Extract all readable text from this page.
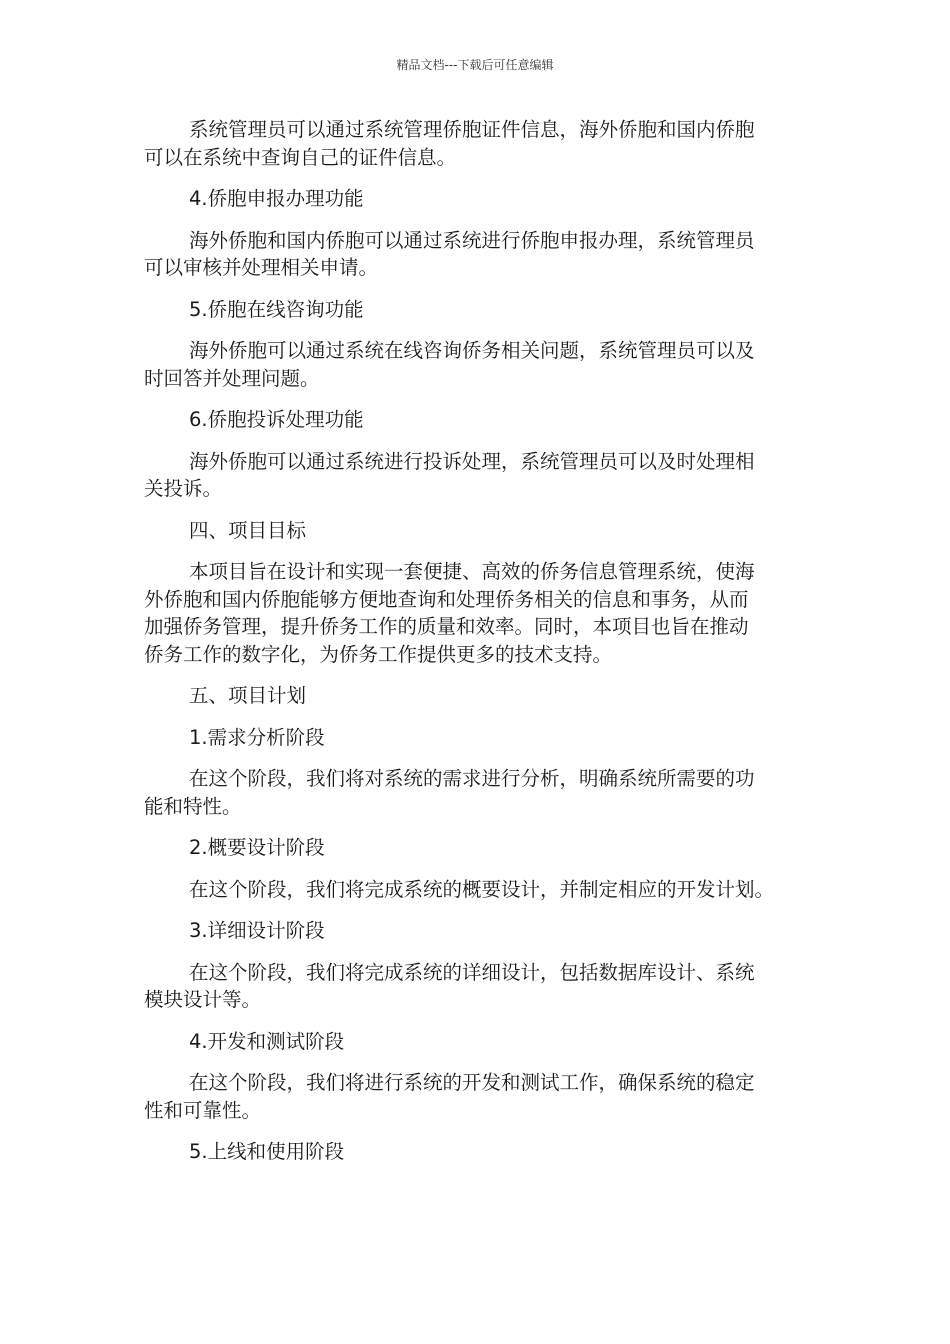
精品文档---下载后可任意编辑
系统管理员可以通过系统管理侨胞证件信息，海外侨胞和国内侨胞
可以在系统中查询自己的证件信息。
4.侨胞申报办理功能
海外侨胞和国内侨胞可以通过系统进行侨胞申报办理，系统管理员
可以审核并处理相关申请。
5.侨胞在线咨询功能
海外侨胞可以通过系统在线咨询侨务相关问题，系统管理员可以及
时回答并处理问题。
6.侨胞投诉处理功能
海外侨胞可以通过系统进行投诉处理，系统管理员可以及时处理相
关投诉。
四、项目目标
本项目旨在设计和实现一套便捷、高效的侨务信息管理系统，使海
外侨胞和国内侨胞能够方便地查询和处理侨务相关的信息和事务，从而
加强侨务管理，提升侨务工作的质量和效率。同时，本项目也旨在推动
侨务工作的数字化，为侨务工作提供更多的技术支持。
五、项目计划
1.需求分析阶段
在这个阶段，我们将对系统的需求进行分析，明确系统所需要的功
能和特性。
2.概要设计阶段
在这个阶段，我们将完成系统的概要设计，并制定相应的开发计划。
3.详细设计阶段
在这个阶段，我们将完成系统的详细设计，包括数据库设计、系统
模块设计等。
4.开发和测试阶段
在这个阶段，我们将进行系统的开发和测试工作，确保系统的稳定
性和可靠性。
5.上线和使用阶段
